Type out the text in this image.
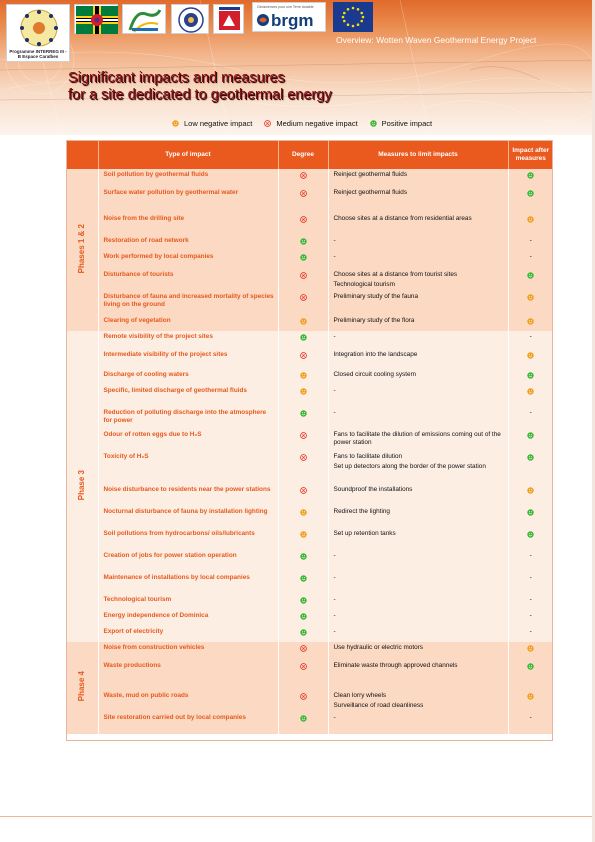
Programme INTERREG III - B Espace Caraïbes
Géosciences pour une Terre durable
brgm
Overview: Wotten Waven Geothermal Energy Project
Significant impacts and measures
for a site dedicated to geothermal energy
Low negative impact	Medium negative impact	Positive impact
	Type of impact	Degree	Measures to limit impacts	Impact after measures
Phases 1 & 2	Soil pollution by geothermal fluids		Reinject geothermal fluids

	Surface water pollution by geothermal water		Reinject geothermal fluids

	Noise from the drilling site		Choose sites at a distance from residential areas

	Restoration of road network		-	-
	Work performed by local companies		-	-
	Disturbance of tourists		Choose sites at a distance from tourist sites

Technological tourism

	Disturbance of fauna and increased mortality of species living on the ground		Preliminary study of the fauna

	Clearing of vegetation		Preliminary study of the flora

Phase 3	Remote visibility of the project sites		-	-
	Intermediate visibility of the project sites		Integration into the landscape

	Discharge of cooling waters		Closed circuit cooling system

	Specific, limited discharge of geothermal fluids		-

	Reduction of polluting discharge into the atmosphere for power		-	-
	Odour of rotten eggs due to H₂S		Fans to facilitate the dilution of emissions coming out of the power station

	Toxicity of H₂S		Fans to facilitate dilution

Set up detectors along the border of the power station

	Noise disturbance to residents near the power stations		Soundproof the installations

	Nocturnal disturbance of fauna by installation lighting		Redirect the lighting

	Soil pollutions from hydrocarbons/ oils/lubricants		Set up retention tanks

	Creation of jobs for power station operation		-	-
	Maintenance of installations by local companies		-	-
	Technological tourism		-	-
	Energy independence of Dominica		-	-
	Export of electricity		-	-
Phase 4	Noise from construction vehicles		Use hydraulic or electric motors

	Waste productions		Eliminate waste through approved channels

	Waste, mud on public roads		Clean lorry wheels

Surveillance of road cleanliness

	Site restoration carried out by local companies		-	-
